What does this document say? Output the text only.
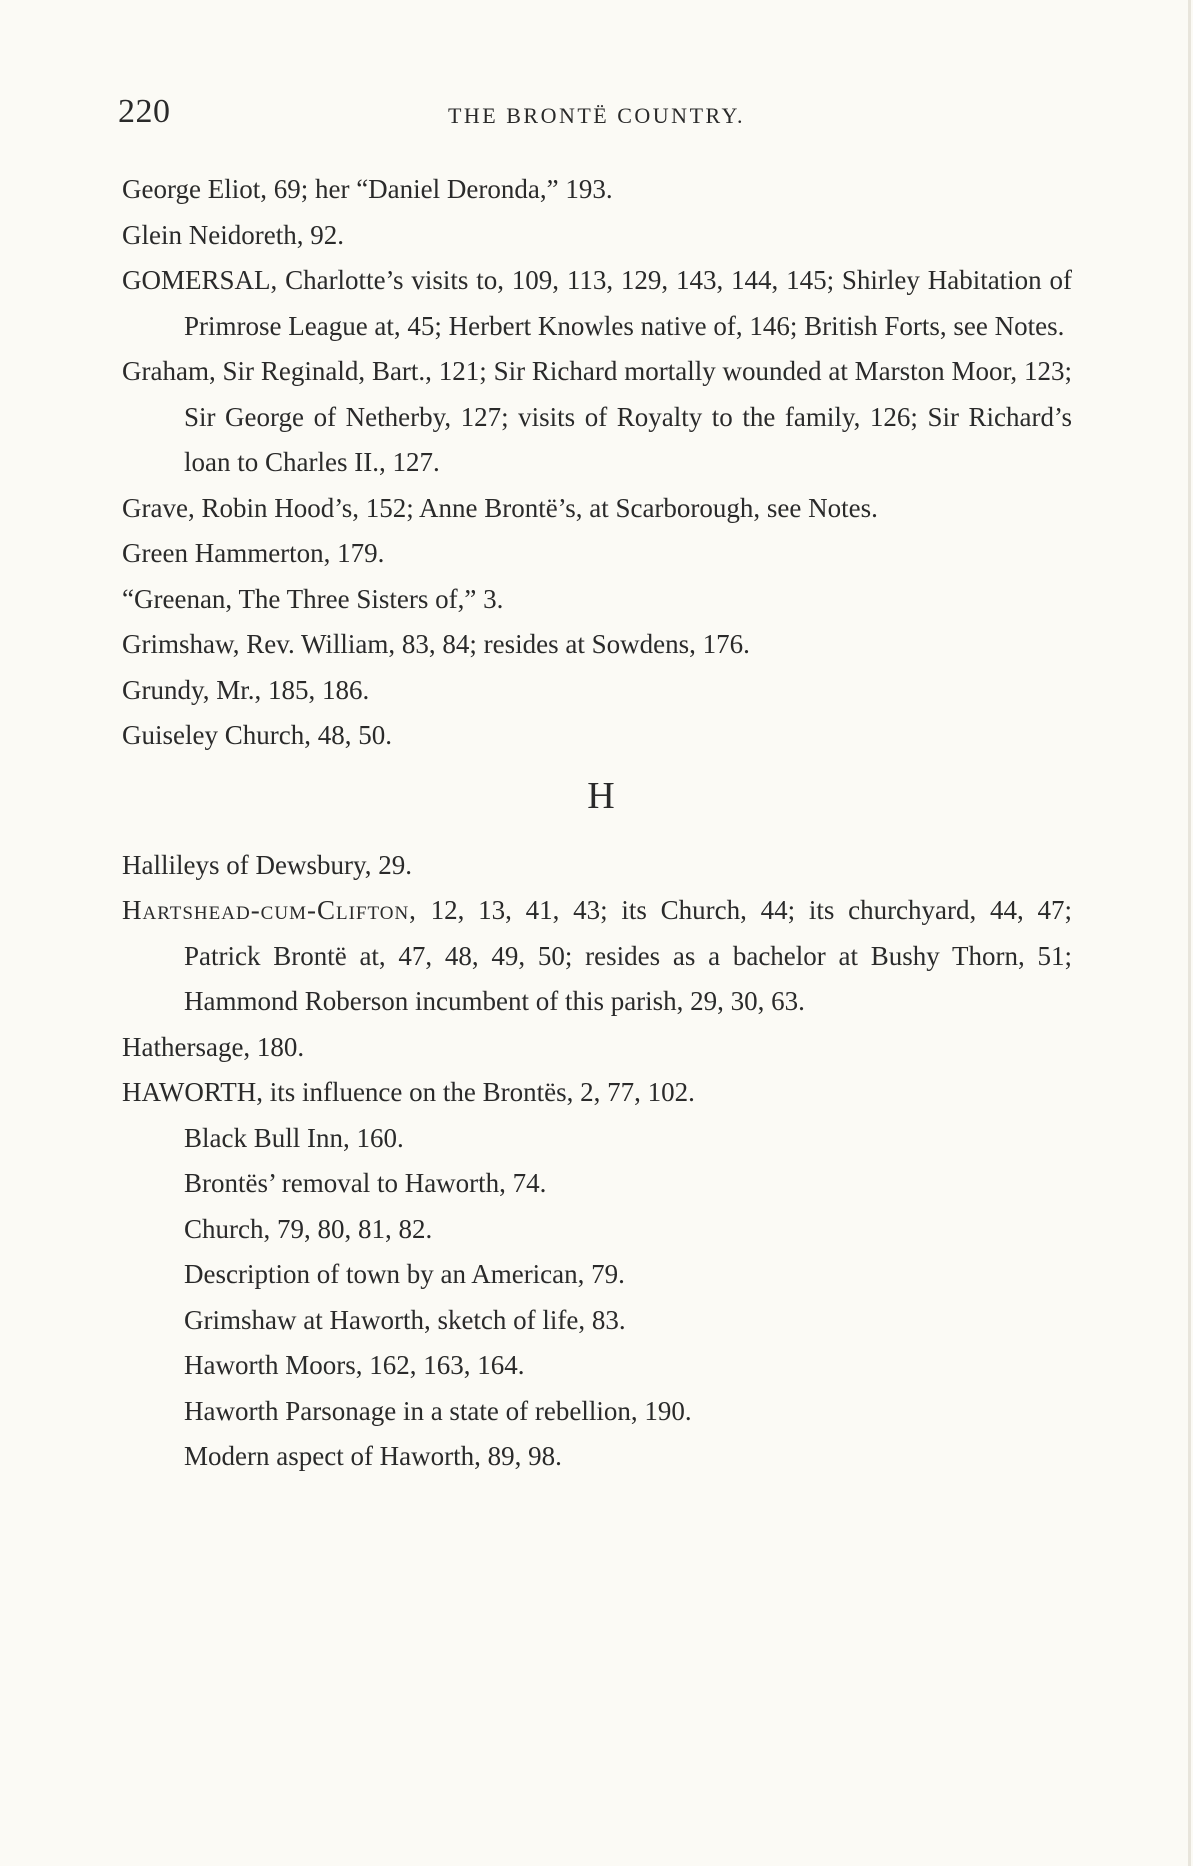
220	THE BRONTË COUNTRY.
George Eliot, 69; her “Daniel Deronda,” 193.
Glein Neidoreth, 92.
GOMERSAL, Charlotte’s visits to, 109, 113, 129, 143, 144, 145; Shirley Habitation of Primrose League at, 45; Herbert Knowles native of, 146; British Forts, see Notes.
Graham, Sir Reginald, Bart., 121; Sir Richard mortally wounded at Marston Moor, 123; Sir George of Netherby, 127; visits of Royalty to the family, 126; Sir Richard’s loan to Charles II., 127.
Grave, Robin Hood’s, 152; Anne Brontë’s, at Scarborough, see Notes.
Green Hammerton, 179.
“Greenan, The Three Sisters of,” 3.
Grimshaw, Rev. William, 83, 84; resides at Sowdens, 176.
Grundy, Mr., 185, 186.
Guiseley Church, 48, 50.
H
Hallileys of Dewsbury, 29.
Hartshead-cum-Clifton, 12, 13, 41, 43; its Church, 44; its churchyard, 44, 47; Patrick Brontë at, 47, 48, 49, 50; resides as a bachelor at Bushy Thorn, 51; Hammond Roberson incumbent of this parish, 29, 30, 63.
Hathersage, 180.
HAWORTH, its influence on the Brontës, 2, 77, 102.
Black Bull Inn, 160.
Brontës’ removal to Haworth, 74.
Church, 79, 80, 81, 82.
Description of town by an American, 79.
Grimshaw at Haworth, sketch of life, 83.
Haworth Moors, 162, 163, 164.
Haworth Parsonage in a state of rebellion, 190.
Modern aspect of Haworth, 89, 98.
